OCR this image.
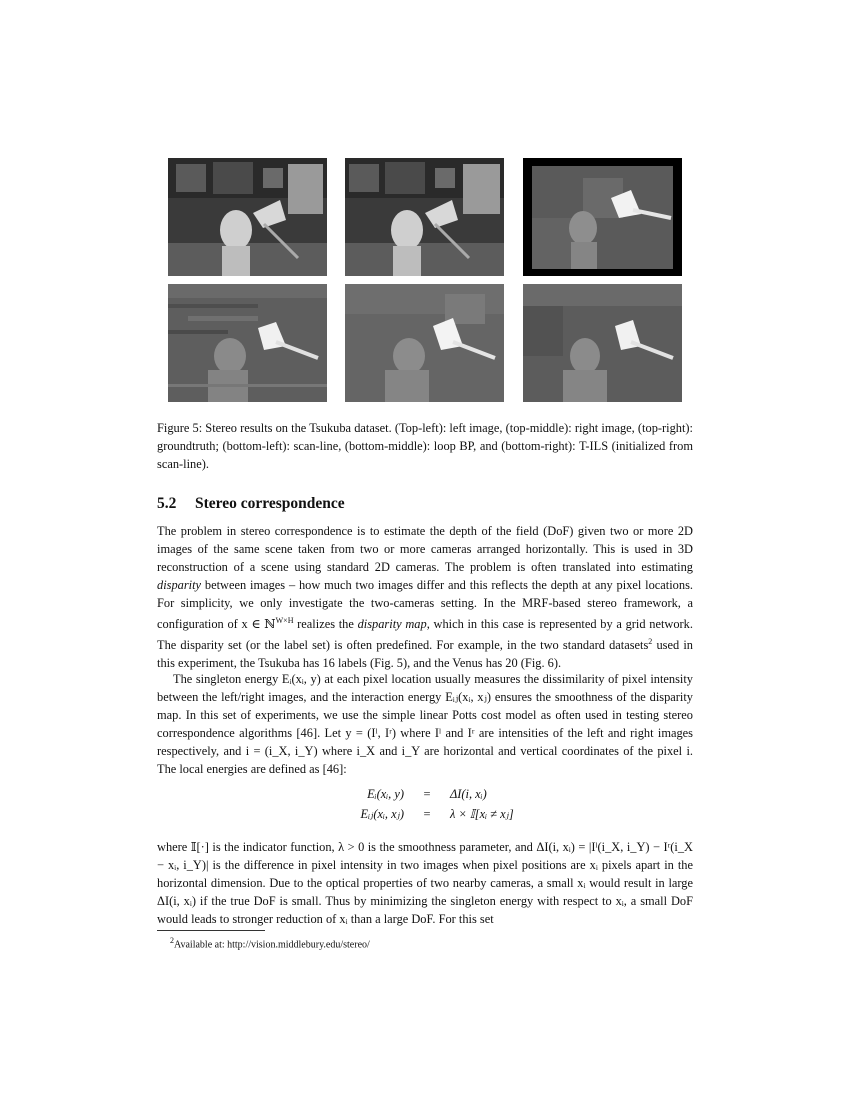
Figure 5: Stereo results on the Tsukuba dataset. (Top-left): left image, (top-middle): right image, (top-right): groundtruth; (bottom-left): scan-line, (bottom-middle): loop BP, and (bottom-right): T-ILS (initialized from scan-line).
5.2 Stereo correspondence

The problem in stereo correspondence is to estimate the depth of the field (DoF) given two or more 2D images of the same scene taken from two or more cameras arranged horizontally. This is used in 3D reconstruction of a scene using standard 2D cameras. The problem is often translated into estimating disparity between images – how much two images differ and this reflects the depth at any pixel locations. For simplicity, we only investigate the two-cameras setting. In the MRF-based stereo framework, a configuration of x ∈ ℕ$^{W\times H}$ realizes the disparity map, which in this case is represented by a grid network. The disparity set (or the label set) is often predefined. For example, in the two standard datasets$^2$ used in this experiment, the Tsukuba has 16 labels (Fig. 5), and the Venus has 20 (Fig. 6).

The singleton energy Eᵢ(xᵢ, y) at each pixel location usually measures the dissimilarity of pixel intensity between the left/right images, and the interaction energy Eᵢⱼ(xᵢ, xⱼ) ensures the smoothness of the disparity map. In this set of experiments, we use the simple linear Potts cost model as often used in testing stereo correspondence algorithms [46]. Let y = (Iˡ, Iʳ) where Iˡ and Iʳ are intensities of the left and right images respectively, and i = (i_X, i_Y) where i_X and i_Y are horizontal and vertical coordinates of the pixel i. The local energies are defined as [46]:

Eᵢ(xᵢ, y)	=	ΔI(i, xᵢ)
Eᵢⱼ(xᵢ, xⱼ)	=	λ × 𝕀[xᵢ ≠ xⱼ]

where 𝕀[·] is the indicator function, λ > 0 is the smoothness parameter, and ΔI(i, xᵢ) = |Iˡ(i_X, i_Y) − Iʳ(i_X − xᵢ, i_Y)| is the difference in pixel intensity in two images when pixel positions are xᵢ pixels apart in the horizontal dimension. Due to the optical properties of two nearby cameras, a small xᵢ would result in large ΔI(i, xᵢ) if the true DoF is small. Thus by minimizing the singleton energy with respect to xᵢ, a small DoF would leads to stronger reduction of xᵢ than a large DoF. For this set

$^2$Available at: http://vision.middlebury.edu/stereo/
